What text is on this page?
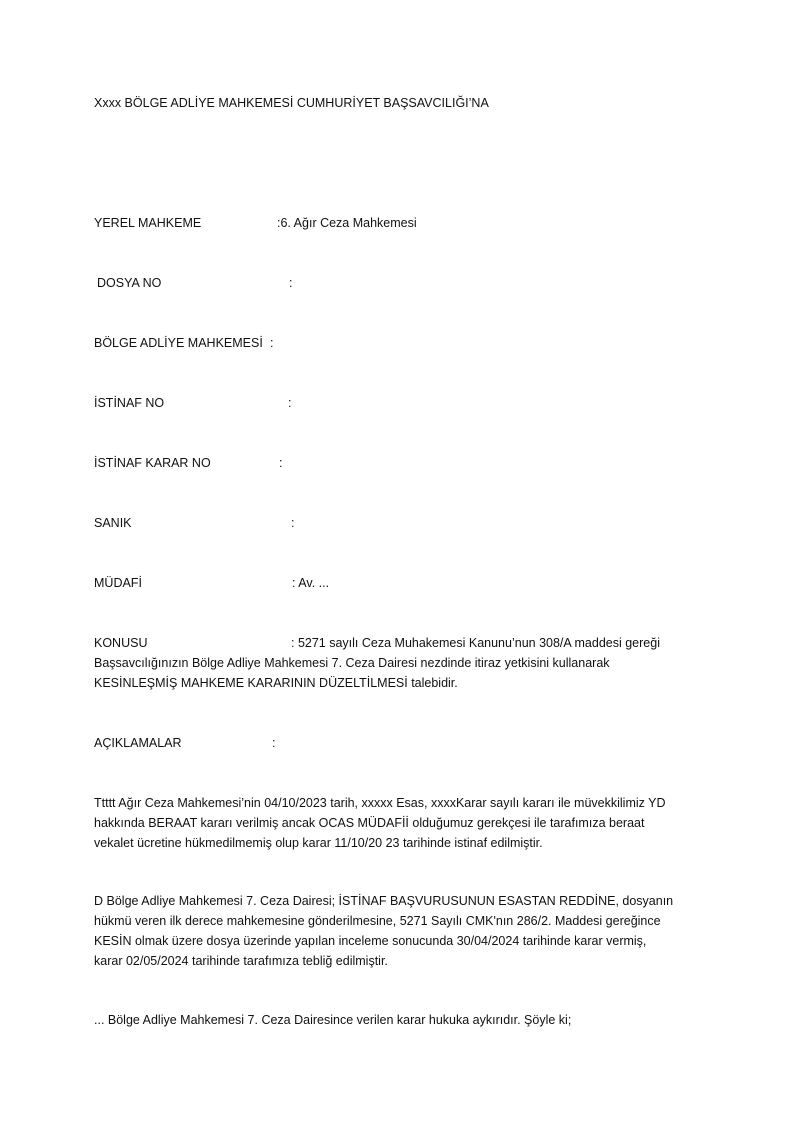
Xxxx BÖLGE ADLİYE MAHKEMESİ CUMHURİYET BAŞSAVCILIĞI’NA
YEREL MAHKEME	:6. Ağır Ceza Mahkemesi
DOSYA NO	:
BÖLGE ADLİYE MAHKEMESİ :
İSTİNAF NO	:
İSTİNAF KARAR NO	:
SANIK	:
MÜDAFİ	: Av. ...
KONUSU	: 5271 sayılı Ceza Muhakemesi Kanunu’nun 308/A maddesi gereği
Başsavcılığınızın Bölge Adliye Mahkemesi 7. Ceza Dairesi nezdinde itiraz yetkisini kullanarak
KESİNLEŞMİŞ MAHKEME KARARININ DÜZELTİLMESİ talebidir.
AÇIKLAMALAR	:
Ttttt Ağır Ceza Mahkemesi’nin 04/10/2023 tarih, xxxxx Esas, xxxxKarar sayılı kararı ile müvekkilimiz YD
hakkında BERAAT kararı verilmiş ancak OCAS MÜDAFİİ olduğumuz gerekçesi ile tarafımıza beraat
vekalet ücretine hükmedilmemiş olup karar 11/10/20 23 tarihinde istinaf edilmiştir.
D Bölge Adliye Mahkemesi 7. Ceza Dairesi; İSTİNAF BAŞVURUSUNUN ESASTAN REDDİNE, dosyanın
hükmü veren ilk derece mahkemesine gönderilmesine, 5271 Sayılı CMK'nın 286/2. Maddesi gereğince
KESİN olmak üzere dosya üzerinde yapılan inceleme sonucunda 30/04/2024 tarihinde karar vermiş,
karar 02/05/2024 tarihinde tarafımıza tebliğ edilmiştir.
... Bölge Adliye Mahkemesi 7. Ceza Dairesince verilen karar hukuka aykırıdır. Şöyle ki;
